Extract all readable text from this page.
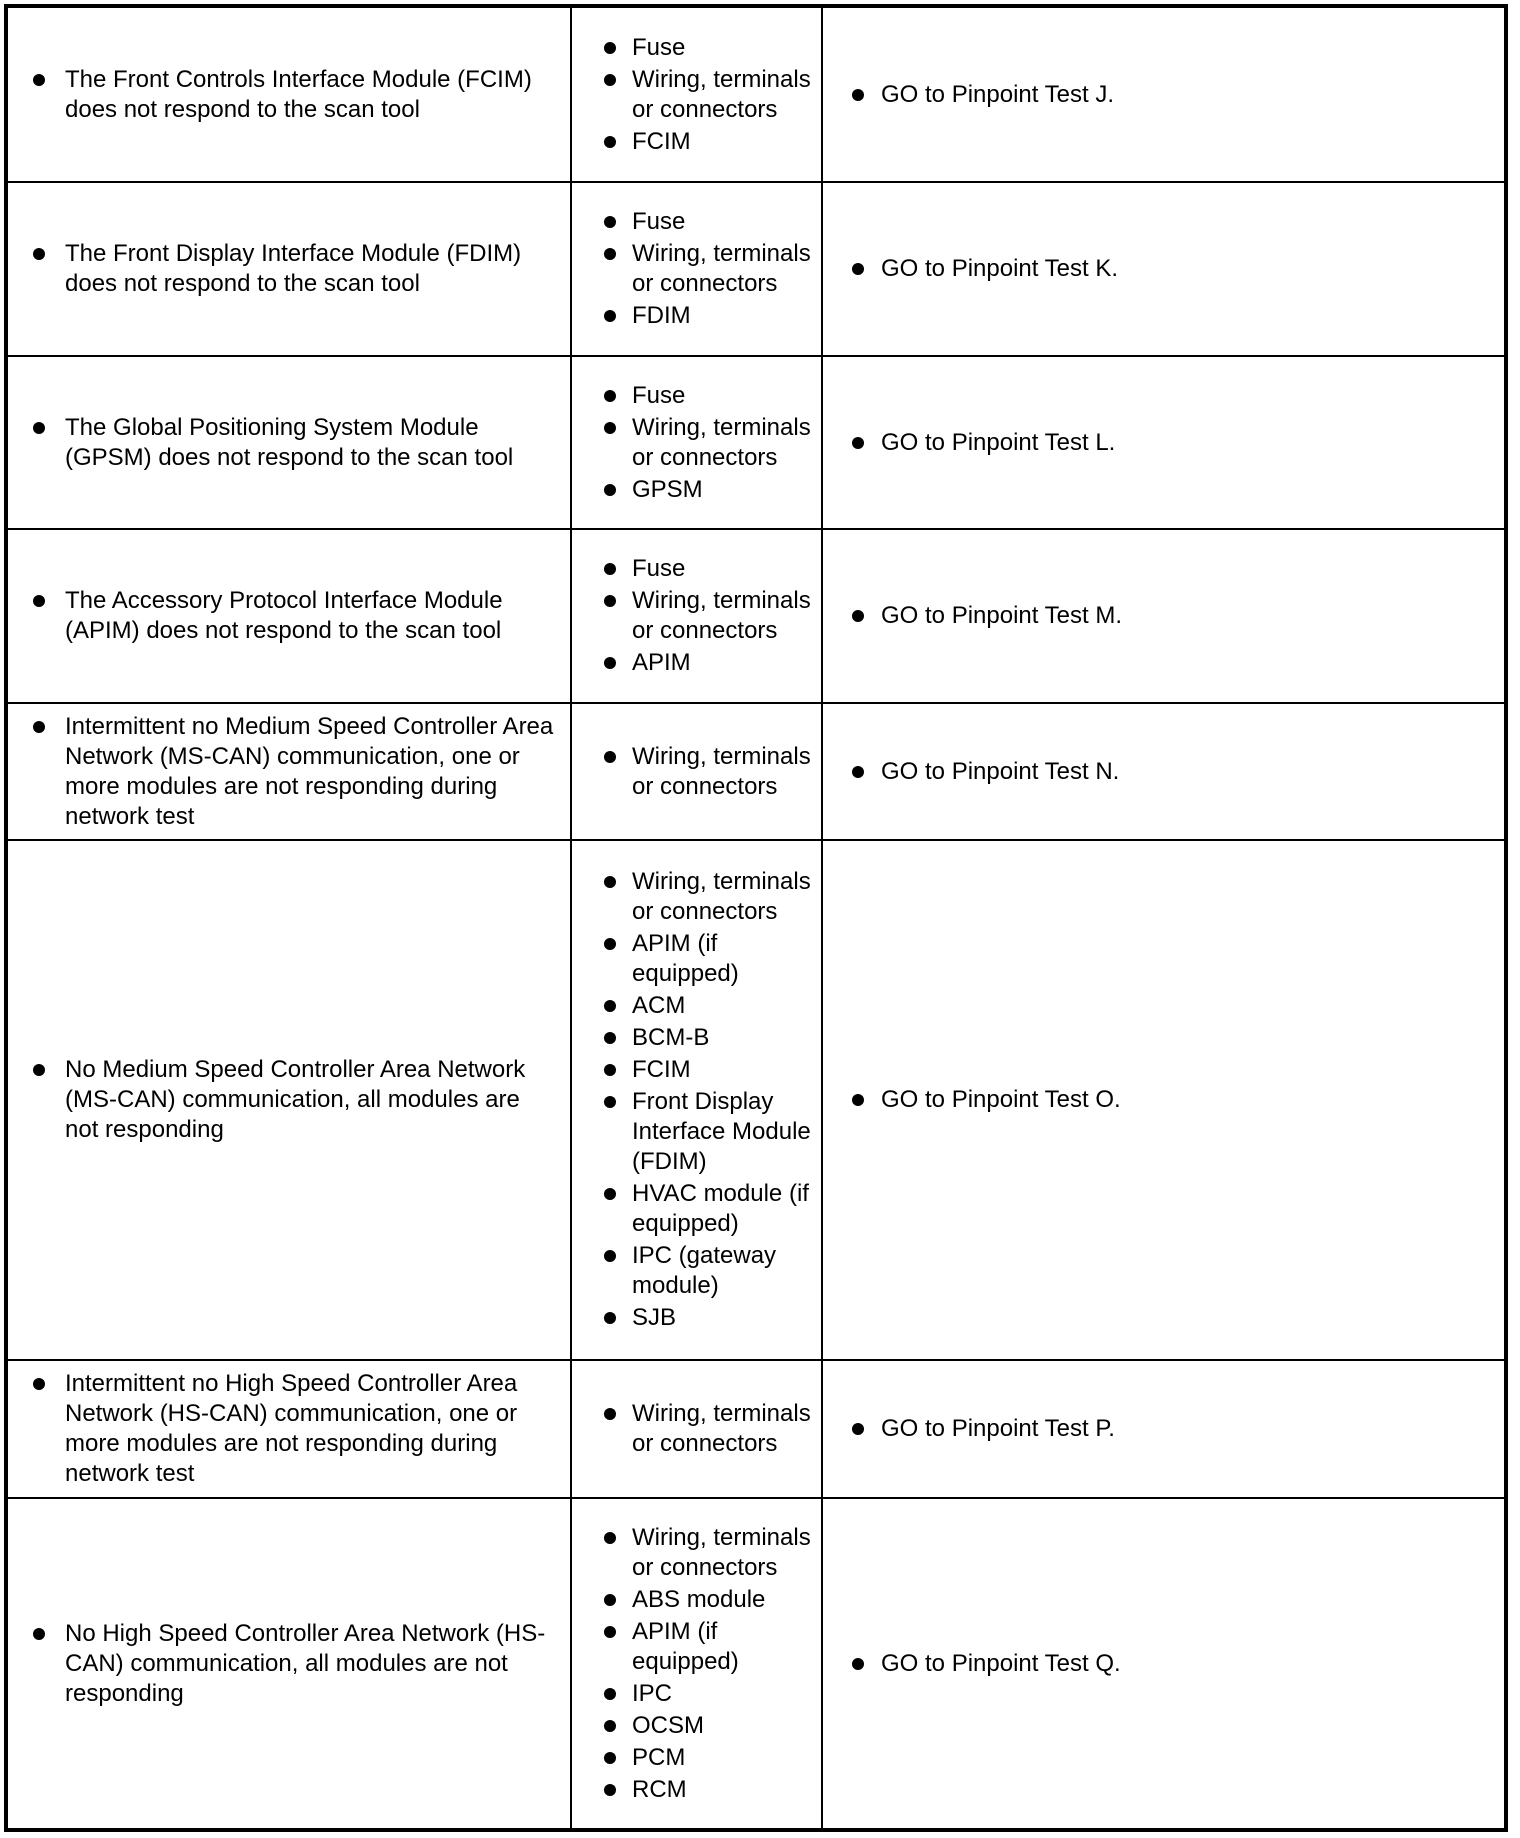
The Front Controls Interface Module (FCIM) does not respond to the scan tool
Fuse
Wiring, terminals or connectors
FCIM
GO to Pinpoint Test J.
The Front Display Interface Module (FDIM) does not respond to the scan tool
Fuse
Wiring, terminals or connectors
FDIM
GO to Pinpoint Test K.
The Global Positioning System Module (GPSM) does not respond to the scan tool
Fuse
Wiring, terminals or connectors
GPSM
GO to Pinpoint Test L.
The Accessory Protocol Interface Module (APIM) does not respond to the scan tool
Fuse
Wiring, terminals or connectors
APIM
GO to Pinpoint Test M.
Intermittent no Medium Speed Controller Area Network (MS-CAN) communication, one or more modules are not responding during network test
Wiring, terminals or connectors
GO to Pinpoint Test N.
No Medium Speed Controller Area Network (MS-CAN) communication, all modules are not responding
Wiring, terminals or connectors
APIM (if equipped)
ACM
BCM-B
FCIM
Front Display Interface Module (FDIM)
HVAC module (if equipped)
IPC (gateway module)
SJB
GO to Pinpoint Test O.
Intermittent no High Speed Controller Area Network (HS-CAN) communication, one or more modules are not responding during network test
Wiring, terminals or connectors
GO to Pinpoint Test P.
No High Speed Controller Area Network (HS-CAN) communication, all modules are not responding
Wiring, terminals or connectors
ABS module
APIM (if equipped)
IPC
OCSM
PCM
RCM
GO to Pinpoint Test Q.
